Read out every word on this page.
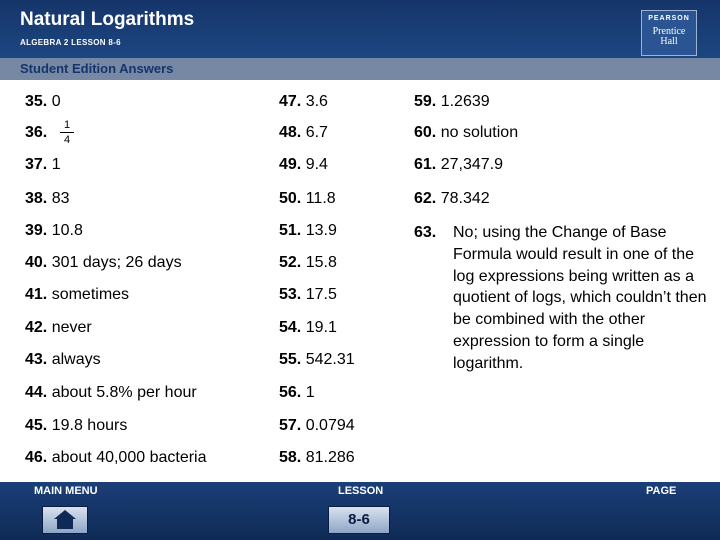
Natural Logarithms
ALGEBRA 2 LESSON 8-6
PEARSON
Prentice
Hall
Student Edition Answers
35. 0
$\frac{1}{4}$
36.
37. 1
38. 83
39. 10.8
40. 301 days; 26 days
41. sometimes
42. never
43. always
44. about 5.8% per hour
45. 19.8 hours
46. about 40,000 bacteria
47. 3.6
48. 6.7
49. 9.4
50. 11.8
51. 13.9
52. 15.8
53. 17.5
54. 19.1
55. 542.31
56. 1
57. 0.0794
58. 81.286
59. 1.2639
60. no solution
61. 27,347.9
62. 78.342
63. No; using the Change of Base Formula would result in one of the log expressions being written as a quotient of logs, which couldn’t then be combined with the other expression to form a single logarithm.
MAIN MENU	LESSON	PAGE
8-6
